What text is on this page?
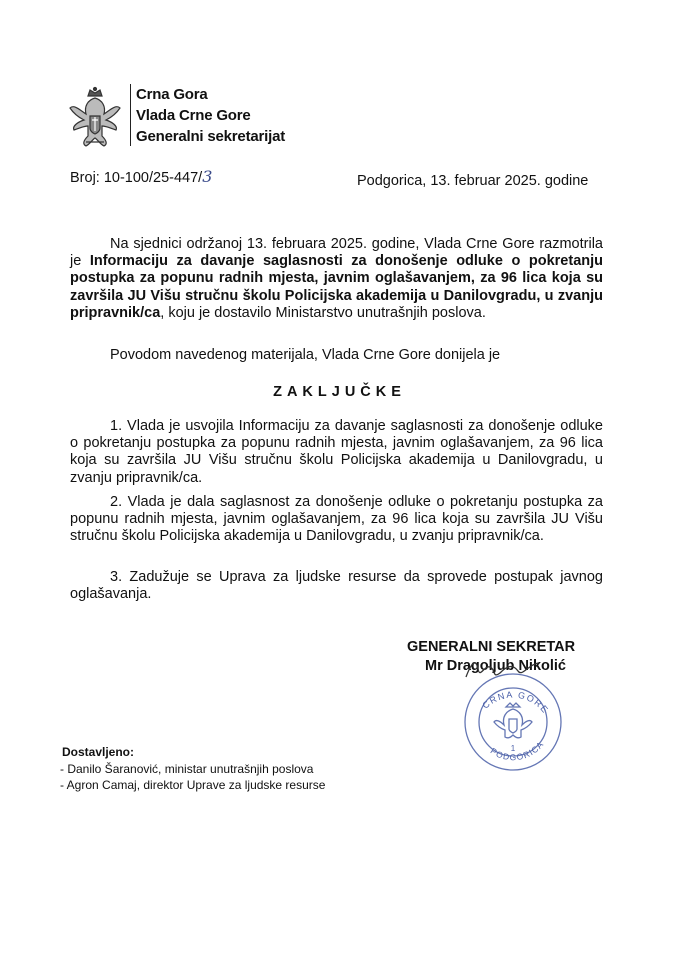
Crna Gora
Vlada Crne Gore
Generalni sekretarijat
Broj: 10-100/25-447/3	Podgorica, 13. februar 2025. godine
Na sjednici održanoj 13. februara 2025. godine, Vlada Crne Gore razmotrila je Informaciju za davanje saglasnosti za donošenje odluke o pokretanju postupka za popunu radnih mjesta, javnim oglašavanjem, za 96 lica koja su završila JU Višu stručnu školu Policijska akademija u Danilovgradu, u zvanju pripravnik/ca, koju je dostavilo Ministarstvo unutrašnjih poslova.
Povodom navedenog materijala, Vlada Crne Gore donijela je
ZAKLJUČKE
1. Vlada je usvojila Informaciju za davanje saglasnosti za donošenje odluke o pokretanju postupka za popunu radnih mjesta, javnim oglašavanjem, za 96 lica koja su završila JU Višu stručnu školu Policijska akademija u Danilovgradu, u zvanju pripravnik/ca.
2. Vlada je dala saglasnost za donošenje odluke o pokretanju postupka za popunu radnih mjesta, javnim oglašavanjem, za 96 lica koja su završila JU Višu stručnu školu Policijska akademija u Danilovgradu, u zvanju pripravnik/ca.
3. Zadužuje se Uprava za ljudske resurse da sprovede postupak javnog oglašavanja.
GENERALNI SEKRETAR
Mr Dragoljub Nikolić
CRNA GORE
PODGORICA
1
Dostavljeno:
- Danilo Šaranović, ministar unutrašnjih poslova
- Agron Camaj, direktor Uprave za ljudske resurse
